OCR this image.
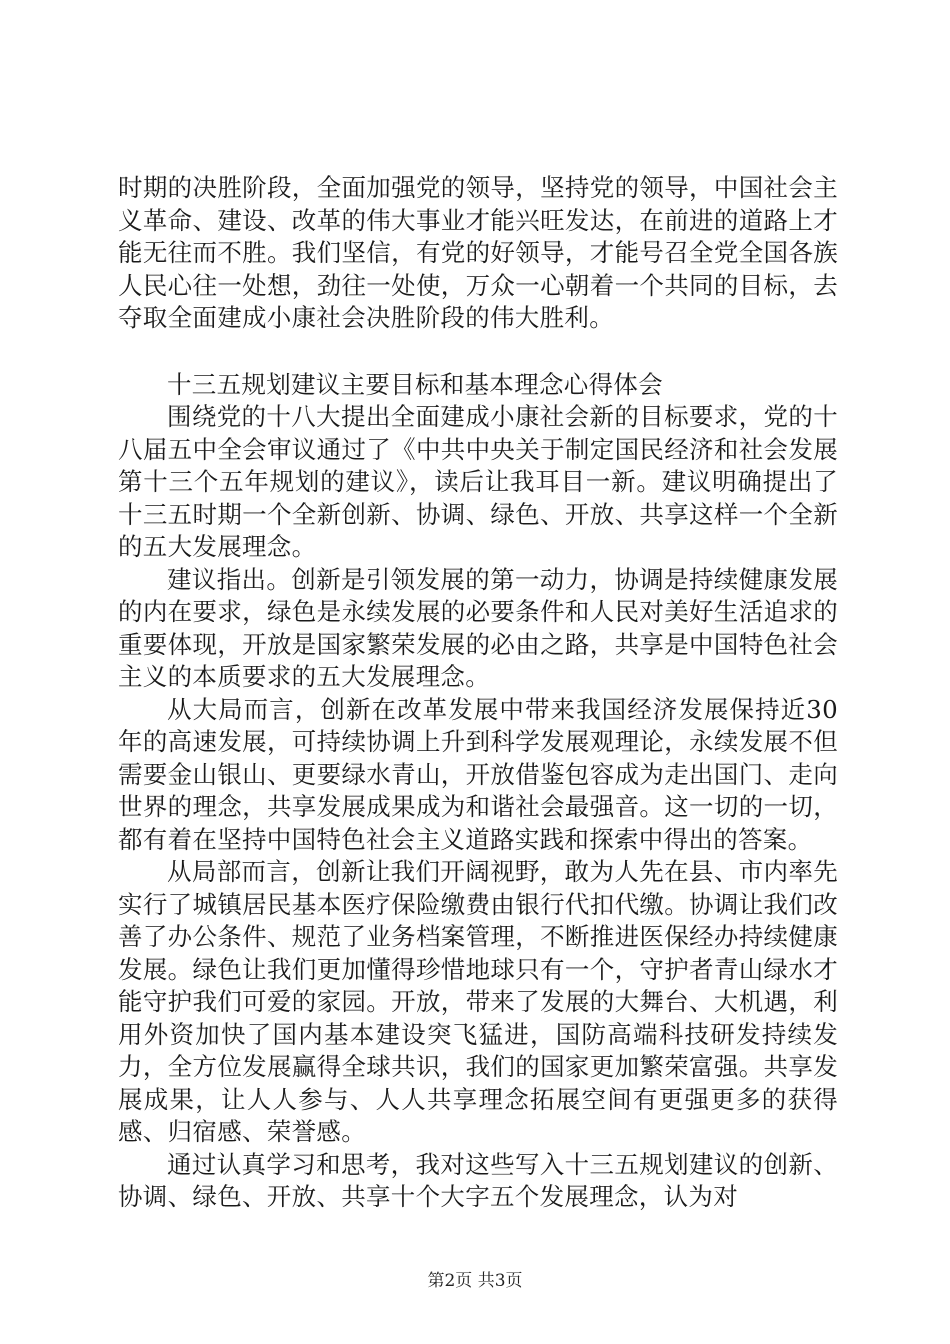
时期的决胜阶段，全面加强党的领导，坚持党的领导，中国社会主义革命、建设、改革的伟大事业才能兴旺发达，在前进的道路上才能无往而不胜。我们坚信，有党的好领导，才能号召全党全国各族人民心往一处想，劲往一处使，万众一心朝着一个共同的目标，去夺取全面建成小康社会决胜阶段的伟大胜利。

十三五规划建议主要目标和基本理念心得体会

围绕党的十八大提出全面建成小康社会新的目标要求，党的十八届五中全会审议通过了《中共中央关于制定国民经济和社会发展第十三个五年规划的建议》，读后让我耳目一新。建议明确提出了十三五时期一个全新创新、协调、绿色、开放、共享这样一个全新的五大发展理念。

建议指出。创新是引领发展的第一动力，协调是持续健康发展的内在要求，绿色是永续发展的必要条件和人民对美好生活追求的重要体现，开放是国家繁荣发展的必由之路，共享是中国特色社会主义的本质要求的五大发展理念。

从大局而言，创新在改革发展中带来我国经济发展保持近30年的高速发展，可持续协调上升到科学发展观理论，永续发展不但需要金山银山、更要绿水青山，开放借鉴包容成为走出国门、走向世界的理念，共享发展成果成为和谐社会最强音。这一切的一切，都有着在坚持中国特色社会主义道路实践和探索中得出的答案。

从局部而言，创新让我们开阔视野，敢为人先在县、市内率先实行了城镇居民基本医疗保险缴费由银行代扣代缴。协调让我们改善了办公条件、规范了业务档案管理，不断推进医保经办持续健康发展。绿色让我们更加懂得珍惜地球只有一个，守护者青山绿水才能守护我们可爱的家园。开放，带来了发展的大舞台、大机遇，利用外资加快了国内基本建设突飞猛进，国防高端科技研发持续发力，全方位发展赢得全球共识，我们的国家更加繁荣富强。共享发展成果，让人人参与、人人共享理念拓展空间有更强更多的获得感、归宿感、荣誉感。

通过认真学习和思考，我对这些写入十三五规划建议的创新、协调、绿色、开放、共享十个大字五个发展理念，认为对

第2页 共3页
